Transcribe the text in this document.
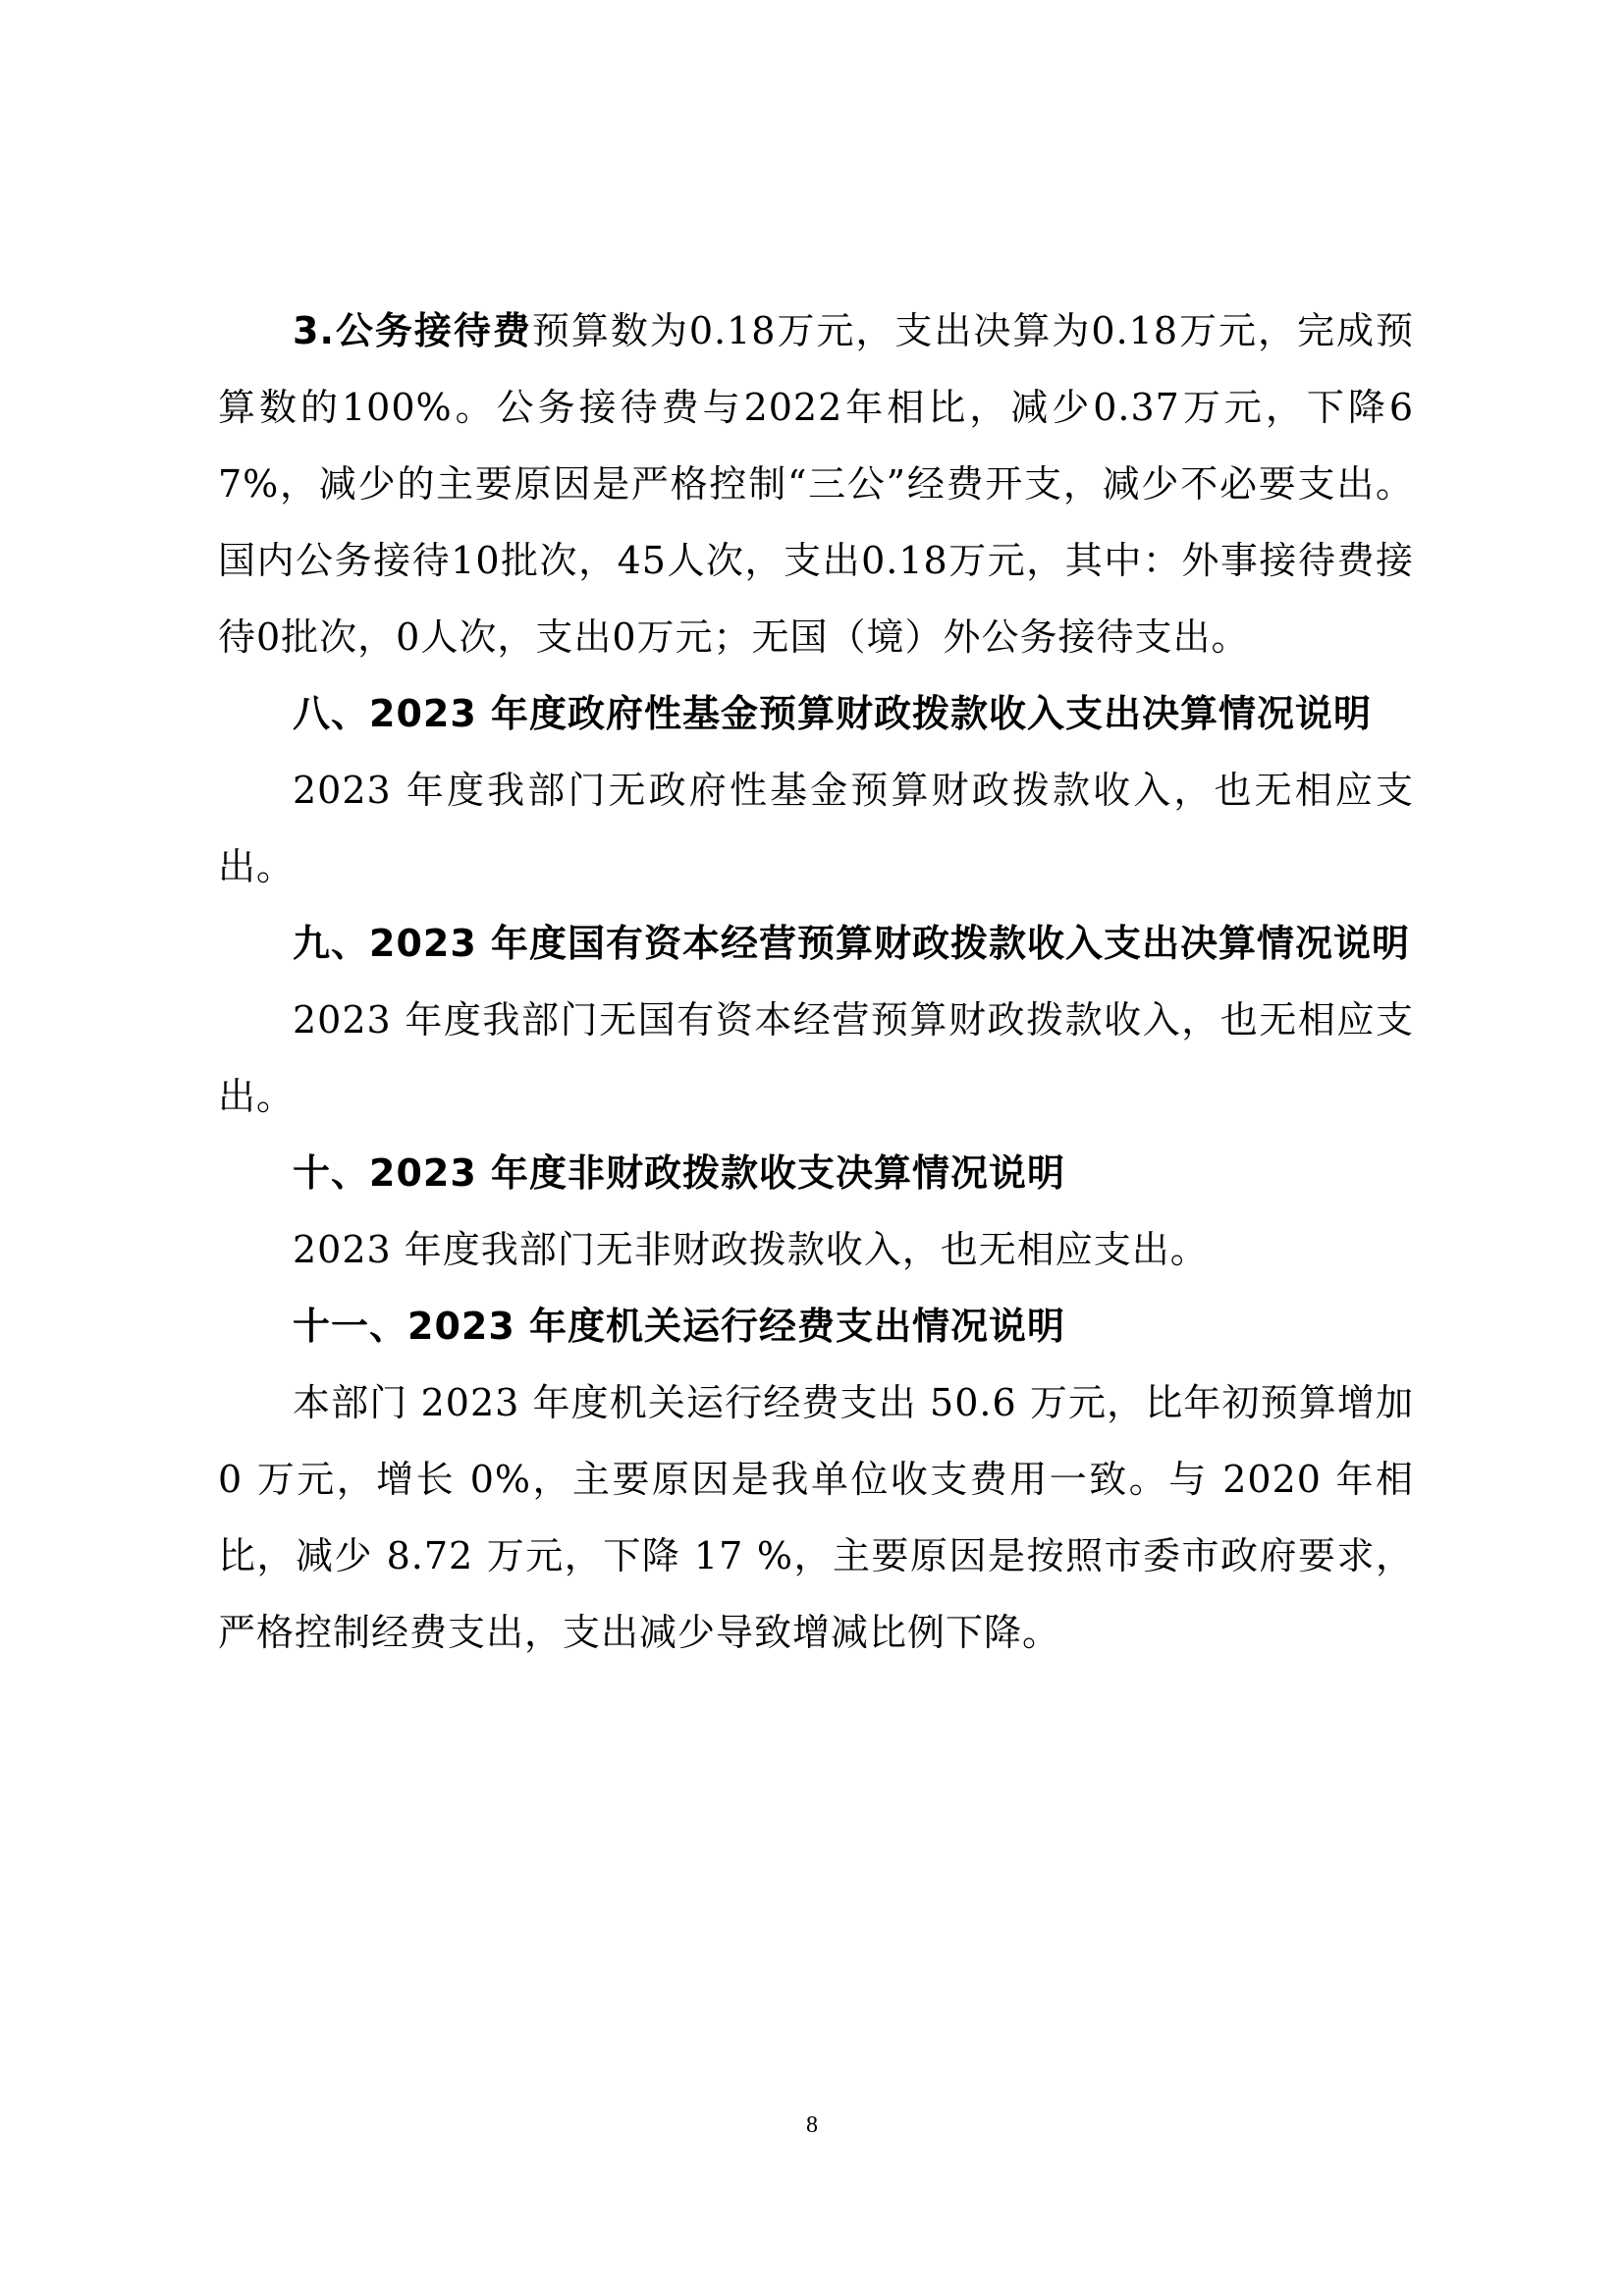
3.公务接待费预算数为0.18万元，支出决算为0.18万元，完成预算数的100%。公务接待费与2022年相比，减少0.37万元，下降67%，减少的主要原因是严格控制“三公”经费开支，减少不必要支出。国内公务接待10批次，45人次，支出0.18万元，其中：外事接待费接待0批次，0人次，支出0万元；无国（境）外公务接待支出。

八、2023 年度政府性基金预算财政拨款收入支出决算情况说明

2023 年度我部门无政府性基金预算财政拨款收入，也无相应支出。

九、2023 年度国有资本经营预算财政拨款收入支出决算情况说明

2023 年度我部门无国有资本经营预算财政拨款收入，也无相应支出。

十、2023 年度非财政拨款收支决算情况说明

2023 年度我部门无非财政拨款收入，也无相应支出。

十一、2023 年度机关运行经费支出情况说明

本部门 2023 年度机关运行经费支出 50.6 万元，比年初预算增加 0 万元，增长 0%，主要原因是我单位收支费用一致。与 2020 年相比，减少 8.72 万元，下降 17 %，主要原因是按照市委市政府要求，严格控制经费支出，支出减少导致增减比例下降。

8
